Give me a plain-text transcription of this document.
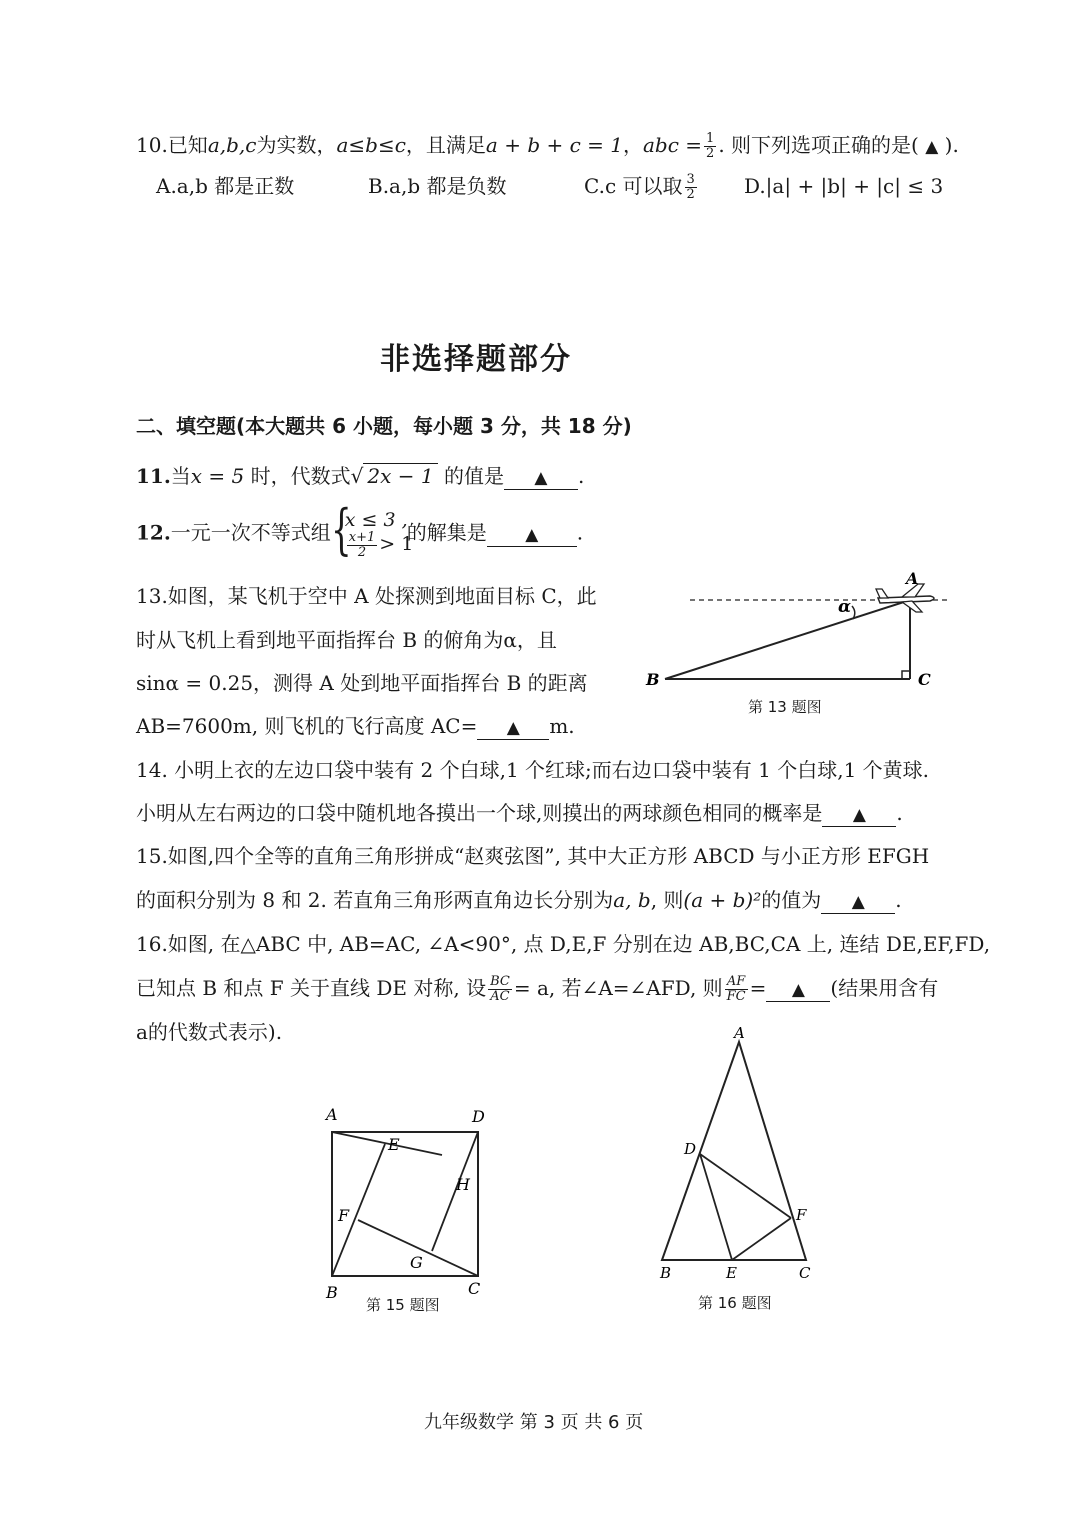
10.已知a,b,c为实数，a≤b≤c，且满足a + b + c = 1，abc = $\frac{1}{2}$ . 则下列选项正确的是( ▲ ).
A.a,b 都是正数	B.a,b 都是负数	C.c 可以取 $\frac{3}{2} D.|a| + |b| + |c| \le 3$
非选择题部分
二、填空题(本大题共 6 小题，每小题 3 分，共 18 分)
11.当x = 5 时，代数式√ 2x − 1 的值是 ▲ .
12.一元一次不等式组 {
x ≤ 3 ,
$\frac{x+1}{2} > 1$
的解集是 ▲ .
13.如图，某飞机于空中 A 处探测到地面目标 C，此
时从飞机上看到地平面指挥台 B 的俯角为α，且
sinα = 0.25，测得 A 处到地平面指挥台 B 的距离
AB=7600m, 则飞机的飞行高度 AC= ▲ m.
A
α
B	C
第 13 题图
14. 小明上衣的左边口袋中装有 2 个白球,1 个红球;而右边口袋中装有 1 个白球,1 个黄球.
小明从左右两边的口袋中随机地各摸出一个球,则摸出的两球颜色相同的概率是 ▲ .
15.如图,四个全等的直角三角形拼成“赵爽弦图”, 其中大正方形 ABCD 与小正方形 EFGH
的面积分别为 8 和 2. 若直角三角形两直角边长分别为a, b, 则(a + b)²的值为 ▲ .
16.如图, 在△ABC 中, AB=AC, ∠A<90°, 点 D,E,F 分别在边 AB,BC,CA 上, 连结 DE,EF,FD,
已知点 B 和点 F 关于直线 DE 对称, 设 $\frac{BC}{AC} = a$, 若∠A=∠AFD, 则 $\frac{AF}{FC}$ = ▲ (结果用含有
a的代数式表示).
A	D
E
H
F
G
B	C
第 15 题图
A
D
F
B	E	C
第 16 题图
九年级数学 第 3 页 共 6 页
